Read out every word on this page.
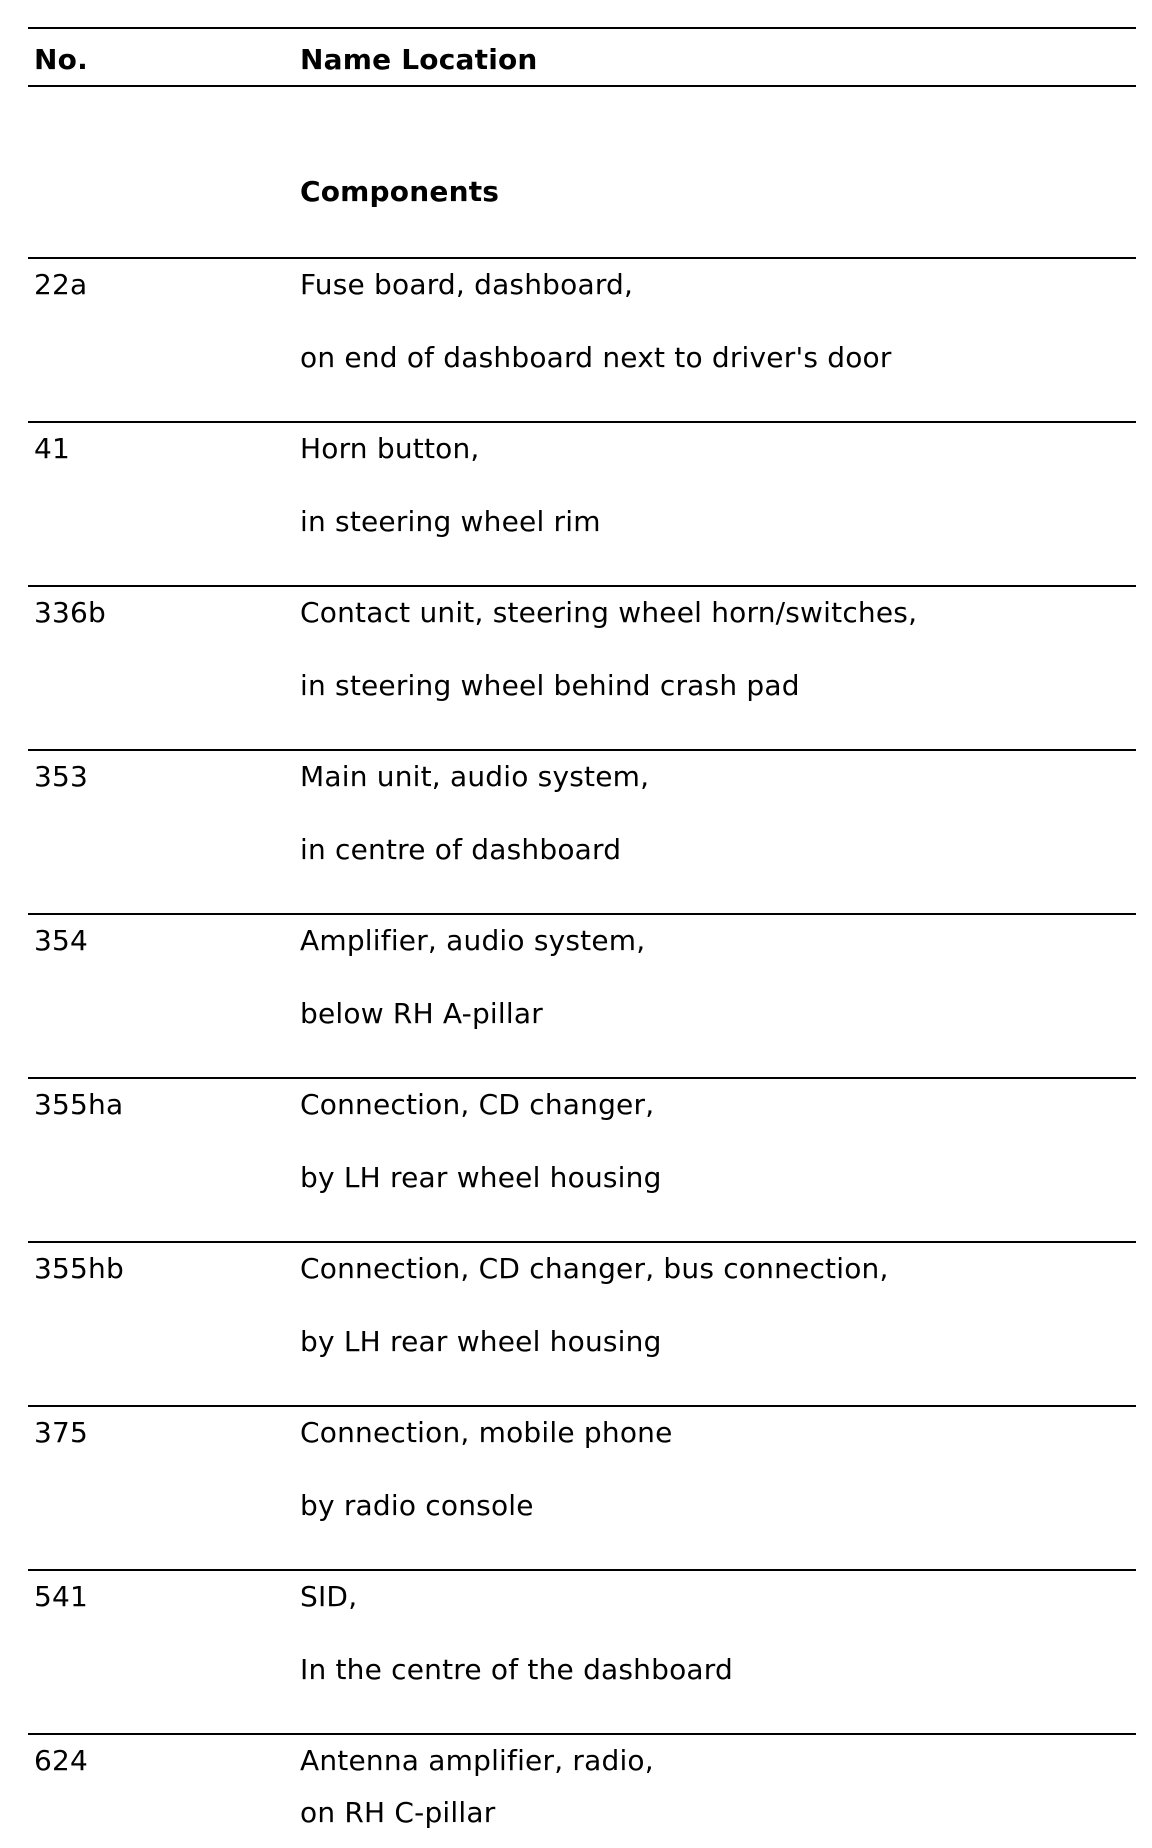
No.	Name Location
Components
22a	Fuse board, dashboard,
on end of dashboard next to driver's door
41	Horn button,
in steering wheel rim
336b	Contact unit, steering wheel horn/switches,
in steering wheel behind crash pad
353	Main unit, audio system,
in centre of dashboard
354	Amplifier, audio system,
below RH A-pillar
355ha	Connection, CD changer,
by LH rear wheel housing
355hb	Connection, CD changer, bus connection,
by LH rear wheel housing
375	Connection, mobile phone
by radio console
541	SID,
In the centre of the dashboard
624	Antenna amplifier, radio,
on RH C-pillar
